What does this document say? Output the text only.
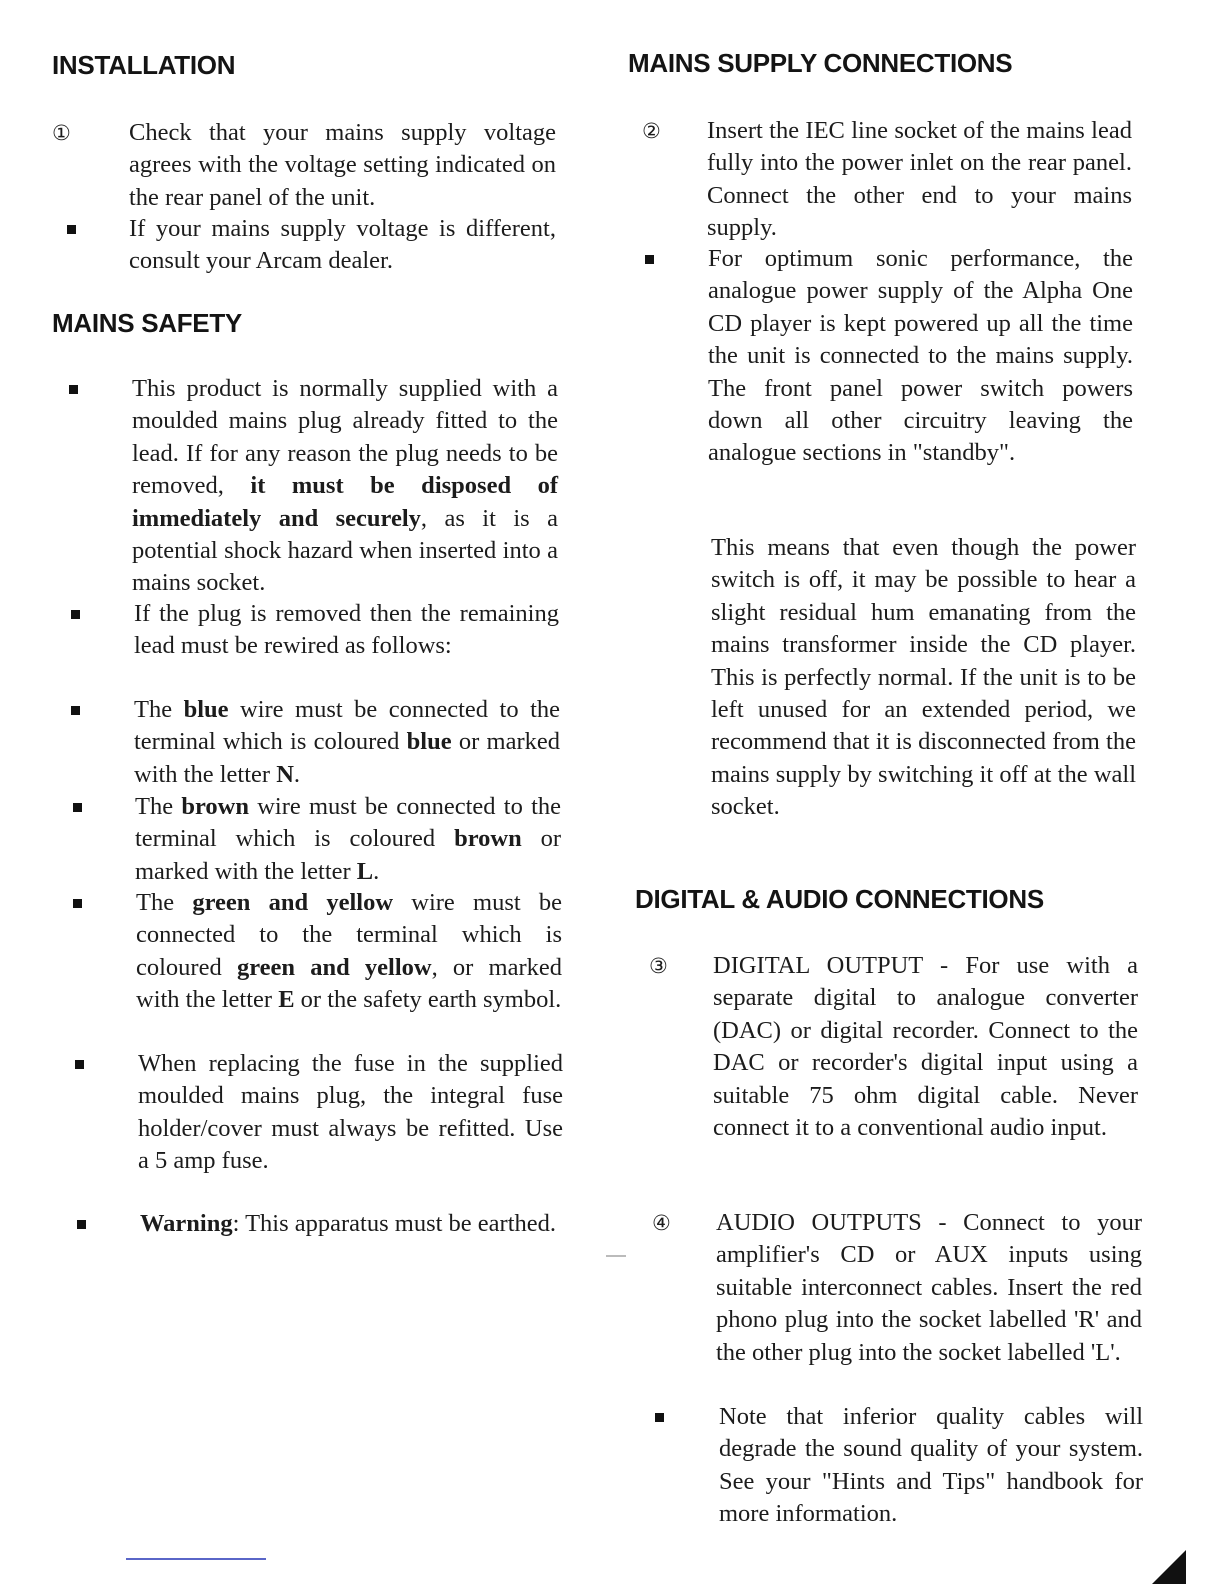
INSTALLATION
① Check that your mains supply voltage agrees with the voltage setting indicated on the rear panel of the unit.

If your mains supply voltage is different, consult your Arcam dealer.

MAINS SAFETY

This product is normally supplied with a moulded mains plug already fitted to the lead. If for any reason the plug needs to be removed, it must be disposed of immediately and securely, as it is a potential shock hazard when inserted into a mains socket.

If the plug is removed then the remaining lead must be rewired as follows:

The blue wire must be connected to the terminal which is coloured blue or marked with the letter N.

The brown wire must be connected to the terminal which is coloured brown or marked with the letter L.

The green and yellow wire must be connected to the terminal which is coloured green and yellow, or marked with the letter E or the safety earth symbol.

When replacing the fuse in the supplied moulded mains plug, the integral fuse holder/cover must always be refitted. Use a 5 amp fuse.

Warning: This apparatus must be earthed.

MAINS SUPPLY CONNECTIONS
② Insert the IEC line socket of the mains lead fully into the power inlet on the rear panel. Connect the other end to your mains supply.

For optimum sonic performance, the analogue power supply of the Alpha One CD player is kept powered up all the time the unit is connected to the mains supply. The front panel power switch powers down all other circuitry leaving the analogue sections in "standby".

This means that even though the power switch is off, it may be possible to hear a slight residual hum emanating from the mains transformer inside the CD player. This is perfectly normal. If the unit is to be left unused for an extended period, we recommend that it is disconnected from the mains supply by switching it off at the wall socket.

DIGITAL & AUDIO CONNECTIONS
③ DIGITAL OUTPUT - For use with a separate digital to analogue converter (DAC) or digital recorder. Connect to the DAC or recorder's digital input using a suitable 75 ohm digital cable. Never connect it to a conventional audio input.

④ AUDIO OUTPUTS - Connect to your amplifier's CD or AUX inputs using suitable interconnect cables. Insert the red phono plug into the socket labelled 'R' and the other plug into the socket labelled 'L'.

Note that inferior quality cables will degrade the sound quality of your system. See your "Hints and Tips" handbook for more information.
